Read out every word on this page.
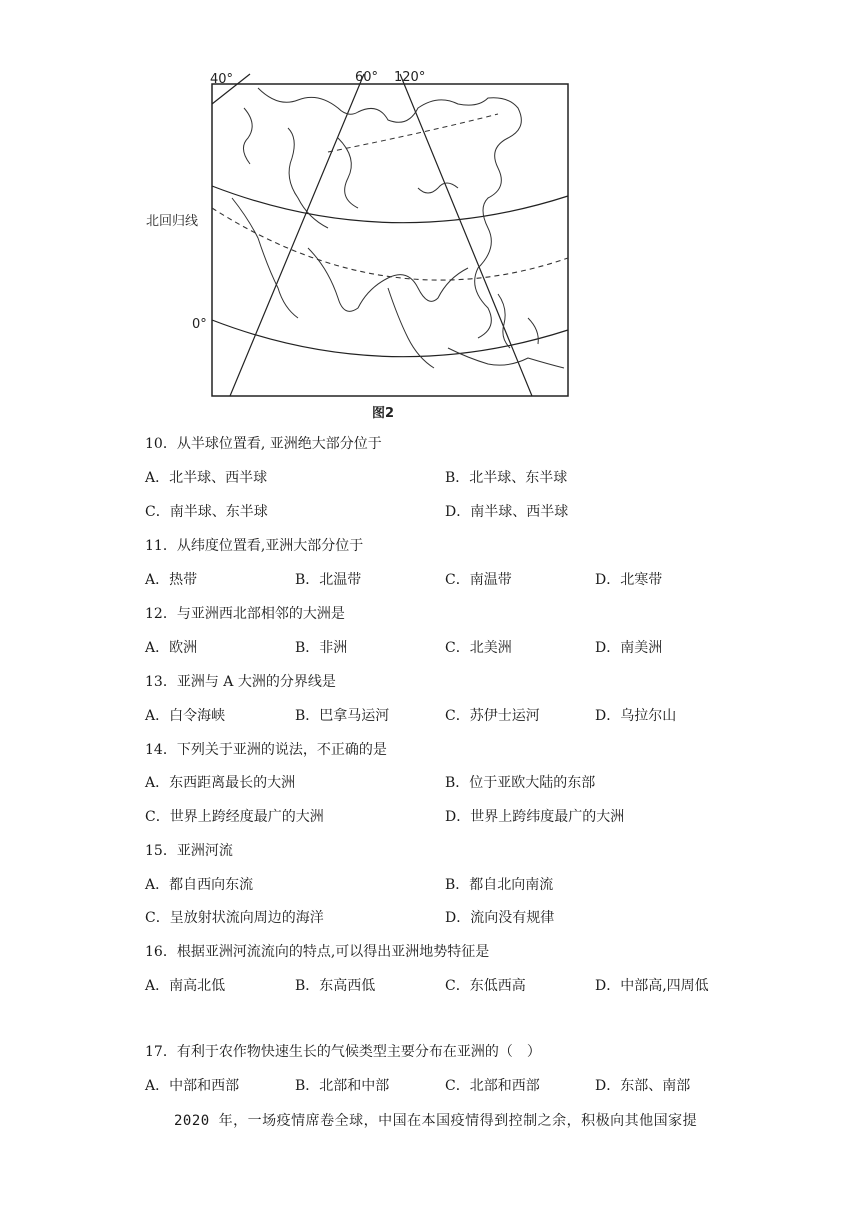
40°	60° 120°
北回归线
0°
图2
10．从半球位置看, 亚洲绝大部分位于
A．北半球、西半球	B．北半球、东半球
C．南半球、东半球	D．南半球、西半球
11．从纬度位置看,亚洲大部分位于
A．热带	B．北温带	C．南温带	D．北寒带
12．与亚洲西北部相邻的大洲是
A．欧洲	B．非洲	C．北美洲	D．南美洲
13．亚洲与 A 大洲的分界线是
A．白令海峡	B．巴拿马运河	C．苏伊士运河	D．乌拉尔山
14．下列关于亚洲的说法，不正确的是
A．东西距离最长的大洲	B．位于亚欧大陆的东部
C．世界上跨经度最广的大洲	D．世界上跨纬度最广的大洲
15．亚洲河流
A．都自西向东流	B．都自北向南流
C．呈放射状流向周边的海洋	D．流向没有规律
16．根据亚洲河流流向的特点,可以得出亚洲地势特征是
A．南高北低	B．东高西低	C．东低西高	D．中部高,四周低
17．有利于农作物快速生长的气候类型主要分布在亚洲的（　）
A．中部和西部	B．北部和中部	C．北部和西部	D．东部、南部
2020 年，一场疫情席卷全球，中国在本国疫情得到控制之余，积极向其他国家提
